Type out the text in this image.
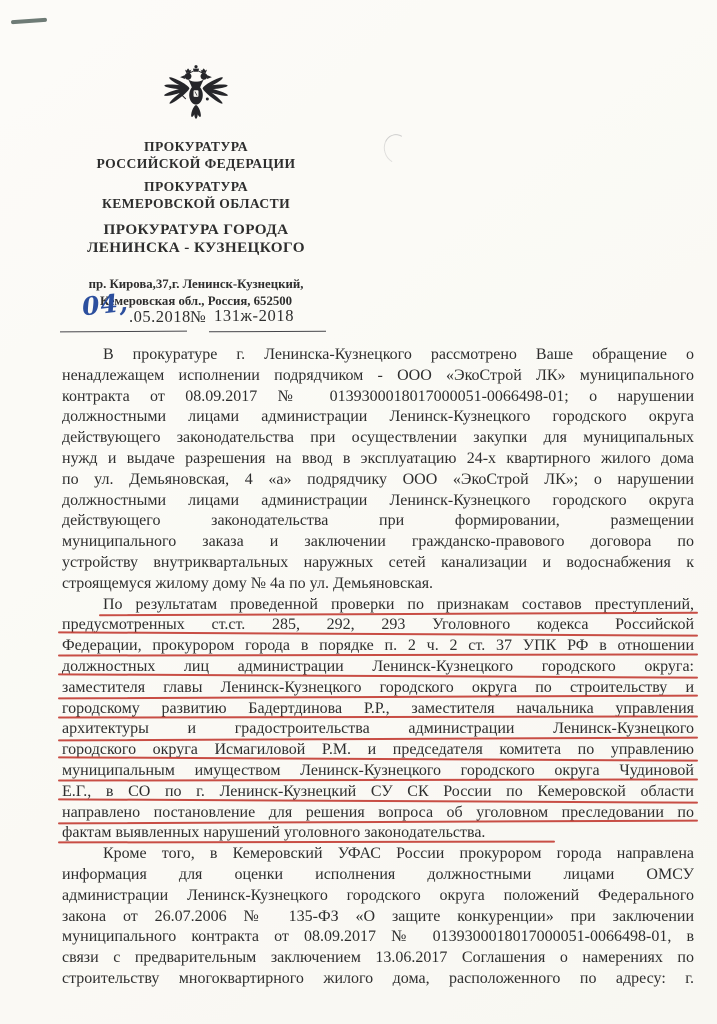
ПРОКУРАТУРА
РОССИЙСКОЙ ФЕДЕРАЦИИ
ПРОКУРАТУРА
КЕМЕРОВСКОЙ ОБЛАСТИ
ПРОКУРАТУРА ГОРОДА
ЛЕНИНСКА - КУЗНЕЦКОГО
пр. Кирова,37,г. Ленинск-Кузнецкий,
Кемеровская обл., Россия, 652500
04, .05.2018 № 131ж-2018
В прокуратуре г. Ленинска-Кузнецкого рассмотрено Ваше обращение о
ненадлежащем исполнении подрядчиком - ООО «ЭкоСтрой ЛК» муниципального
контракта от 08.09.2017 № 0139300018017000051-0066498-01; о нарушении
должностными лицами администрации Ленинск-Кузнецкого городского округа
действующего законодательства при осуществлении закупки для муниципальных
нужд и выдаче разрешения на ввод в эксплуатацию 24-х квартирного жилого дома
по ул. Демьяновская, 4 «а» подрядчику ООО «ЭкоСтрой ЛК»; о нарушении
должностными лицами администрации Ленинск-Кузнецкого городского округа
действующего законодательства при формировании, размещении
муниципального заказа и заключении гражданско-правового договора по
устройству внутриквартальных наружных сетей канализации и водоснабжения к
строящемуся жилому дому № 4а по ул. Демьяновская.
По результатам проведенной проверки по признакам составов преступлений,
предусмотренных ст.ст. 285, 292, 293 Уголовного кодекса Российской
Федерации, прокурором города в порядке п. 2 ч. 2 ст. 37 УПК РФ в отношении
должностных лиц администрации Ленинск-Кузнецкого городского округа:
заместителя главы Ленинск-Кузнецкого городского округа по строительству и
городскому развитию Бадертдинова Р.Р., заместителя начальника управления
архитектуры и градостроительства администрации Ленинск-Кузнецкого
городского округа Исмагиловой Р.М. и председателя комитета по управлению
муниципальным имуществом Ленинск-Кузнецкого городского округа Чудиновой
Е.Г., в СО по г. Ленинск-Кузнецкий СУ СК России по Кемеровской области
направлено постановление для решения вопроса об уголовном преследовании по
фактам выявленных нарушений уголовного законодательства.
Кроме того, в Кемеровский УФАС России прокурором города направлена
информация для оценки исполнения должностными лицами ОМСУ
администрации Ленинск-Кузнецкого городского округа положений Федерального
закона от 26.07.2006 № 135-ФЗ «О защите конкуренции» при заключении
муниципального контракта от 08.09.2017 № 0139300018017000051-0066498-01, в
связи с предварительным заключением 13.06.2017 Соглашения о намерениях по
строительству многоквартирного жилого дома, расположенного по адресу: г.
